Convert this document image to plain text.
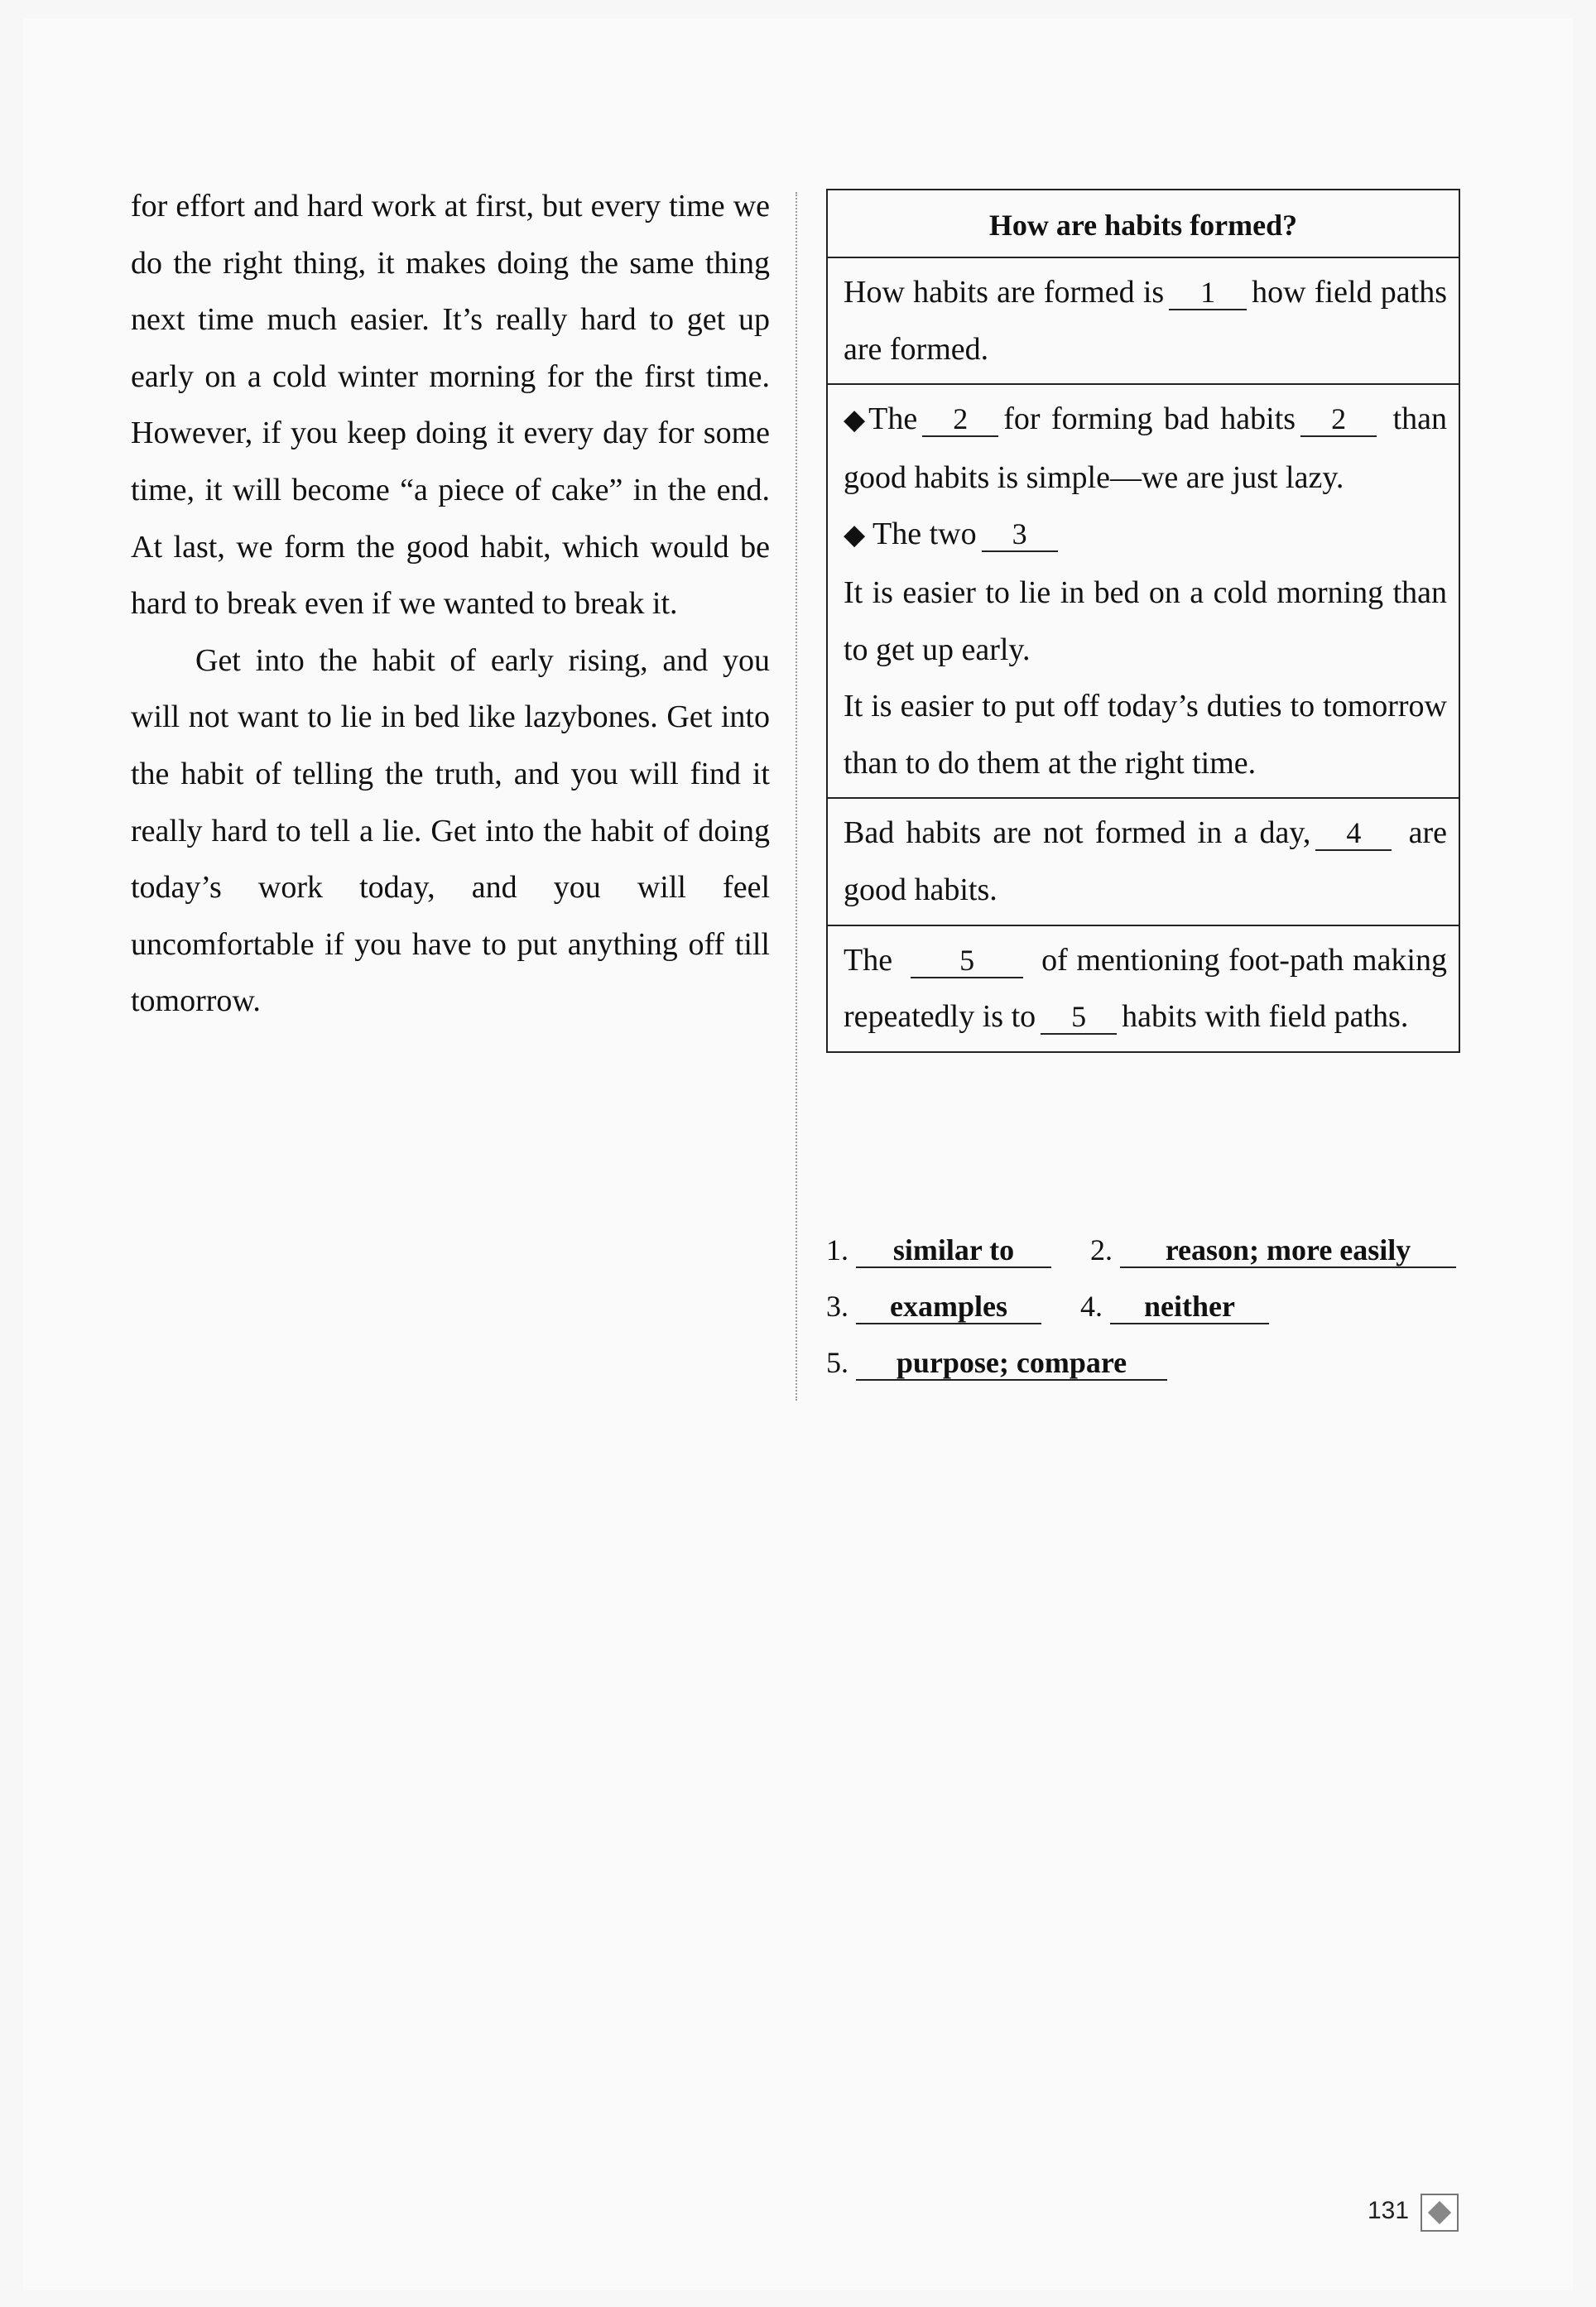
for effort and hard work at first, but every time we do the right thing, it makes doing the same thing next time much easier. It’s really hard to get up early on a cold winter morning for the first time. However, if you keep doing it every day for some time, it will become “a piece of cake” in the end. At last, we form the good habit, which would be hard to break even if we wanted to break it.

Get into the habit of early rising, and you will not want to lie in bed like lazybones. Get into the habit of telling the truth, and you will find it really hard to tell a lie. Get into the habit of doing today’s work today, and you will feel uncomfortable if you have to put anything off till tomorrow.

How are habits formed?
How habits are formed is 1 how field paths are formed.
◆The 2 for forming bad habits 2 than good habits is simple—we are just lazy.
◆ The two 3
It is easier to lie in bed on a cold morning than to get up early.
It is easier to put off today’s duties to tomorrow than to do them at the right time.
Bad habits are not formed in a day, 4 are good habits.
The 5 of mentioning foot-path making repeatedly is to 5 habits with field paths.
1. similar to	2. reason; more easily
3. examples 4. neither
5. purpose; compare
131
